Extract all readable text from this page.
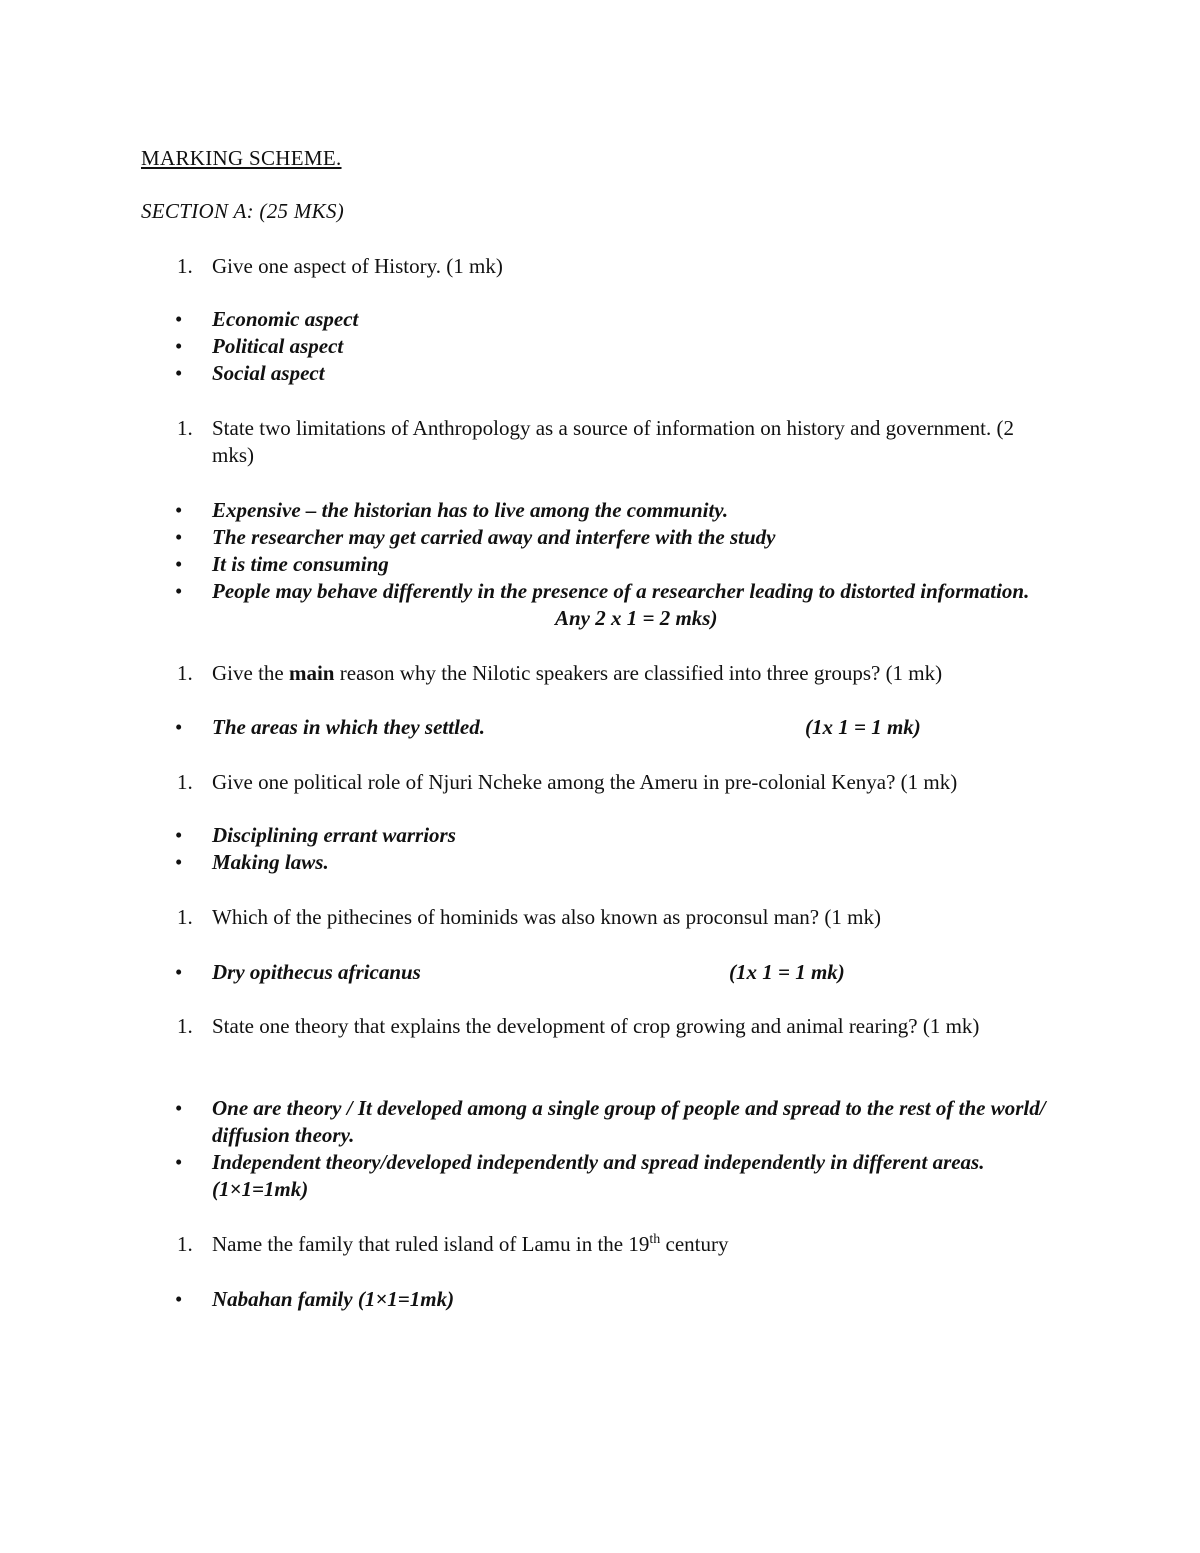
MARKING SCHEME.
SECTION A: (25 MKS)
1. Give one aspect of History. (1 mk)
• Economic aspect
• Political aspect
• Social aspect
1. State two limitations of Anthropology as a source of information on history and government. (2 mks)
• Expensive – the historian has to live among the community.
• The researcher may get carried away and interfere with the study
• It is time consuming
• People may behave differently in the presence of a researcher leading to distorted information.
Any 2 x 1 = 2 mks)
1. Give the main reason why the Nilotic speakers are classified into three groups? (1 mk)
• The areas in which they settled.	(1x 1 = 1 mk)
1. Give one political role of Njuri Ncheke among the Ameru in pre-colonial Kenya? (1 mk)
• Disciplining errant warriors
• Making laws.
1. Which of the pithecines of hominids was also known as proconsul man? (1 mk)
• Dry opithecus africanus	(1x 1 = 1 mk)
1. State one theory that explains the development of crop growing and animal rearing? (1 mk)
• One are theory / It developed among a single group of people and spread to the rest of the world/ diffusion theory.
• Independent theory/developed independently and spread independently in different areas. (1×1=1mk)
1. Name the family that ruled island of Lamu in the 19th century
• Nabahan family (1×1=1mk)
